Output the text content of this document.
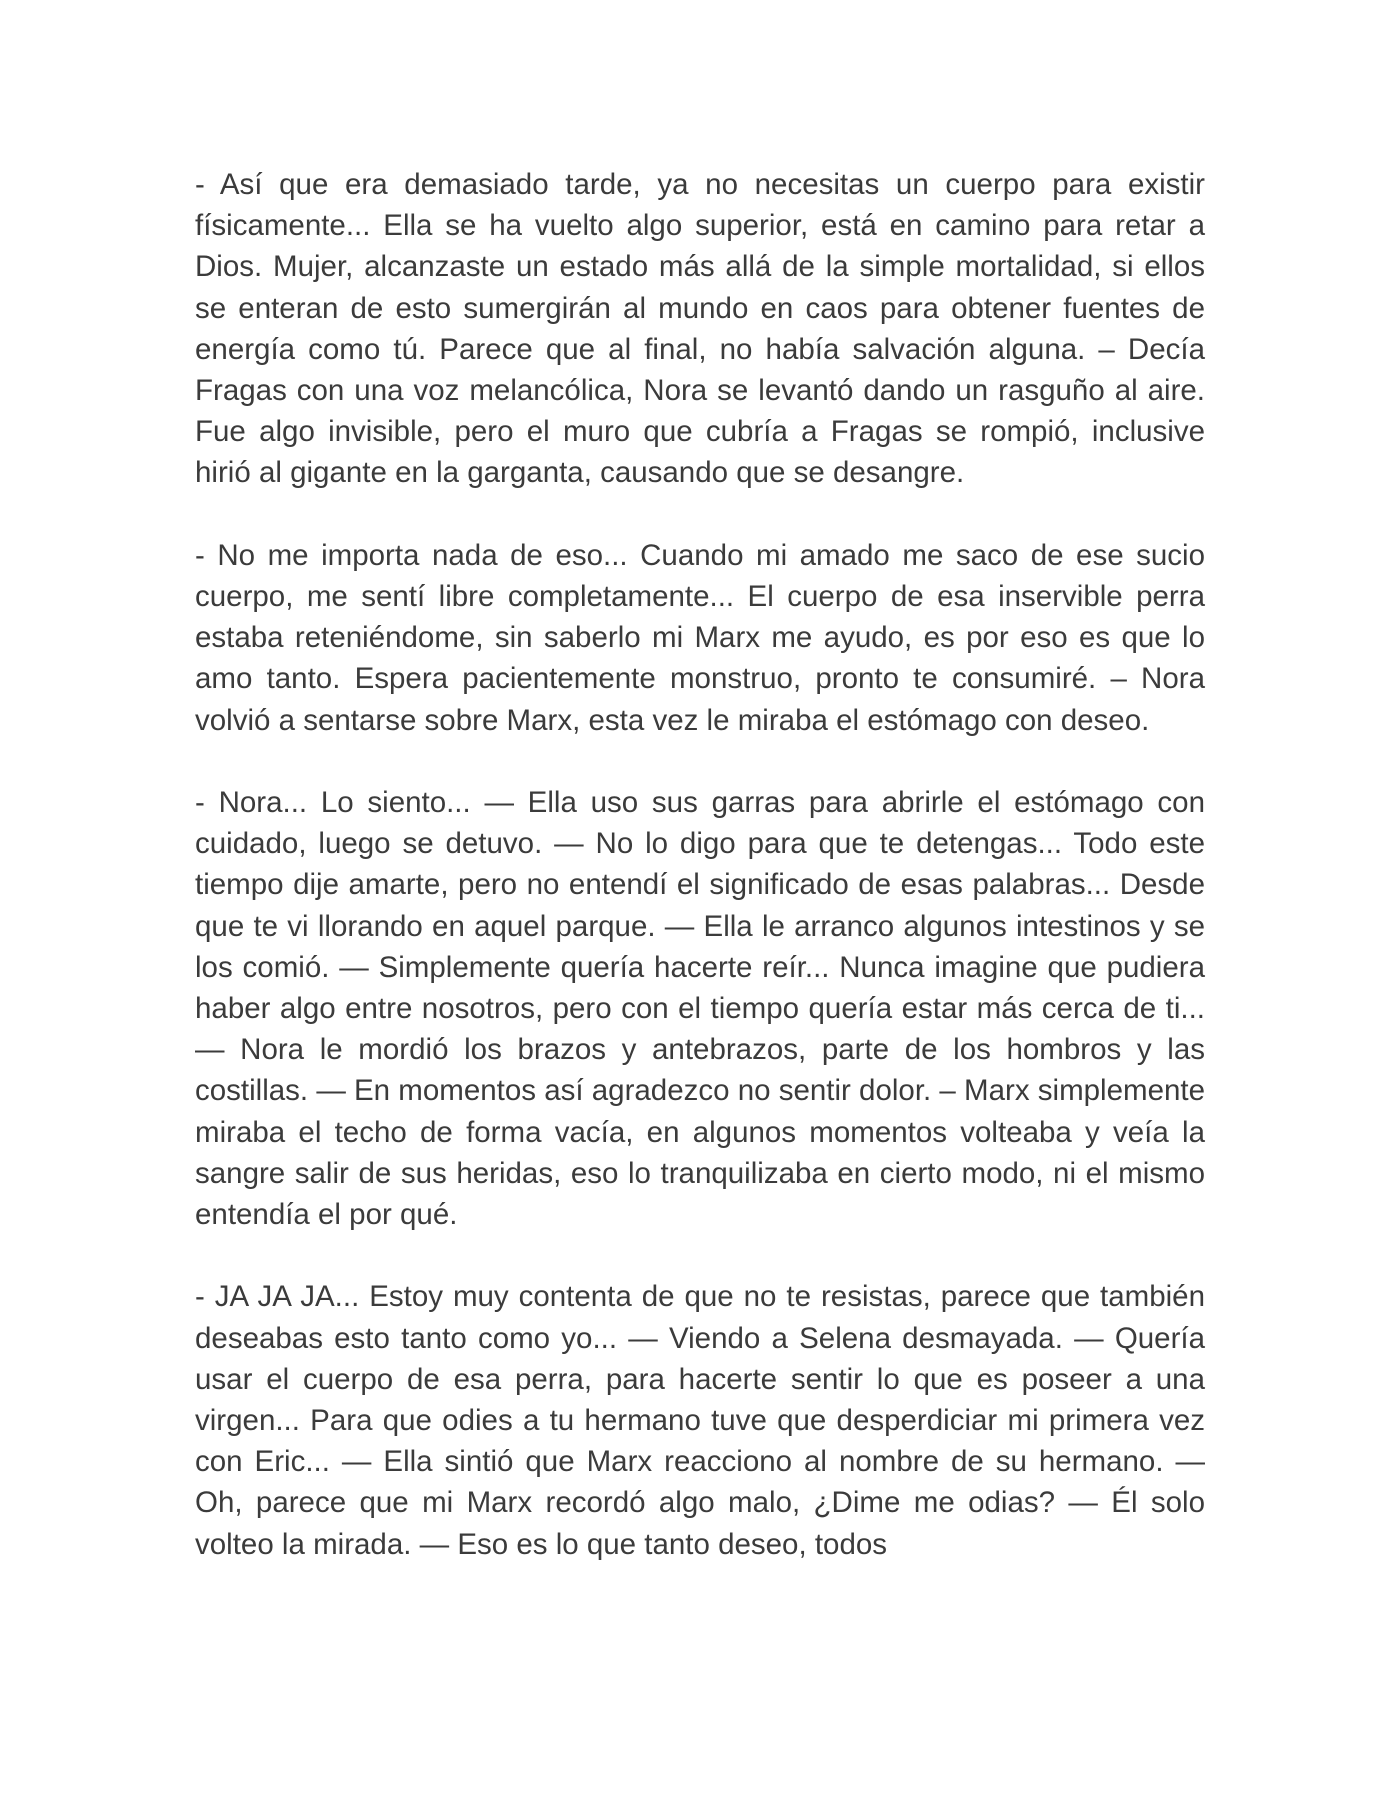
- Así que era demasiado tarde, ya no necesitas un cuerpo para existir físicamente... Ella se ha vuelto algo superior, está en camino para retar a Dios. Mujer, alcanzaste un estado más allá de la simple mortalidad, si ellos se enteran de esto sumergirán al mundo en caos para obtener fuentes de energía como tú. Parece que al final, no había salvación alguna. – Decía Fragas con una voz melancólica, Nora se levantó dando un rasguño al aire. Fue algo invisible, pero el muro que cubría a Fragas se rompió, inclusive hirió al gigante en la garganta, causando que se desangre.

- No me importa nada de eso... Cuando mi amado me saco de ese sucio cuerpo, me sentí libre completamente... El cuerpo de esa inservible perra estaba reteniéndome, sin saberlo mi Marx me ayudo, es por eso es que lo amo tanto. Espera pacientemente monstruo, pronto te consumiré. – Nora volvió a sentarse sobre Marx, esta vez le miraba el estómago con deseo.

- Nora... Lo siento... — Ella uso sus garras para abrirle el estómago con cuidado, luego se detuvo. — No lo digo para que te detengas... Todo este tiempo dije amarte, pero no entendí el significado de esas palabras... Desde que te vi llorando en aquel parque. — Ella le arranco algunos intestinos y se los comió. — Simplemente quería hacerte reír... Nunca imagine que pudiera haber algo entre nosotros, pero con el tiempo quería estar más cerca de ti... — Nora le mordió los brazos y antebrazos, parte de los hombros y las costillas. — En momentos así agradezco no sentir dolor. – Marx simplemente miraba el techo de forma vacía, en algunos momentos volteaba y veía la sangre salir de sus heridas, eso lo tranquilizaba en cierto modo, ni el mismo entendía el por qué.

- JA JA JA... Estoy muy contenta de que no te resistas, parece que también deseabas esto tanto como yo... — Viendo a Selena desmayada. — Quería usar el cuerpo de esa perra, para hacerte sentir lo que es poseer a una virgen... Para que odies a tu hermano tuve que desperdiciar mi primera vez con Eric... — Ella sintió que Marx reacciono al nombre de su hermano. — Oh, parece que mi Marx recordó algo malo, ¿Dime me odias? — Él solo volteo la mirada. — Eso es lo que tanto deseo, todos
